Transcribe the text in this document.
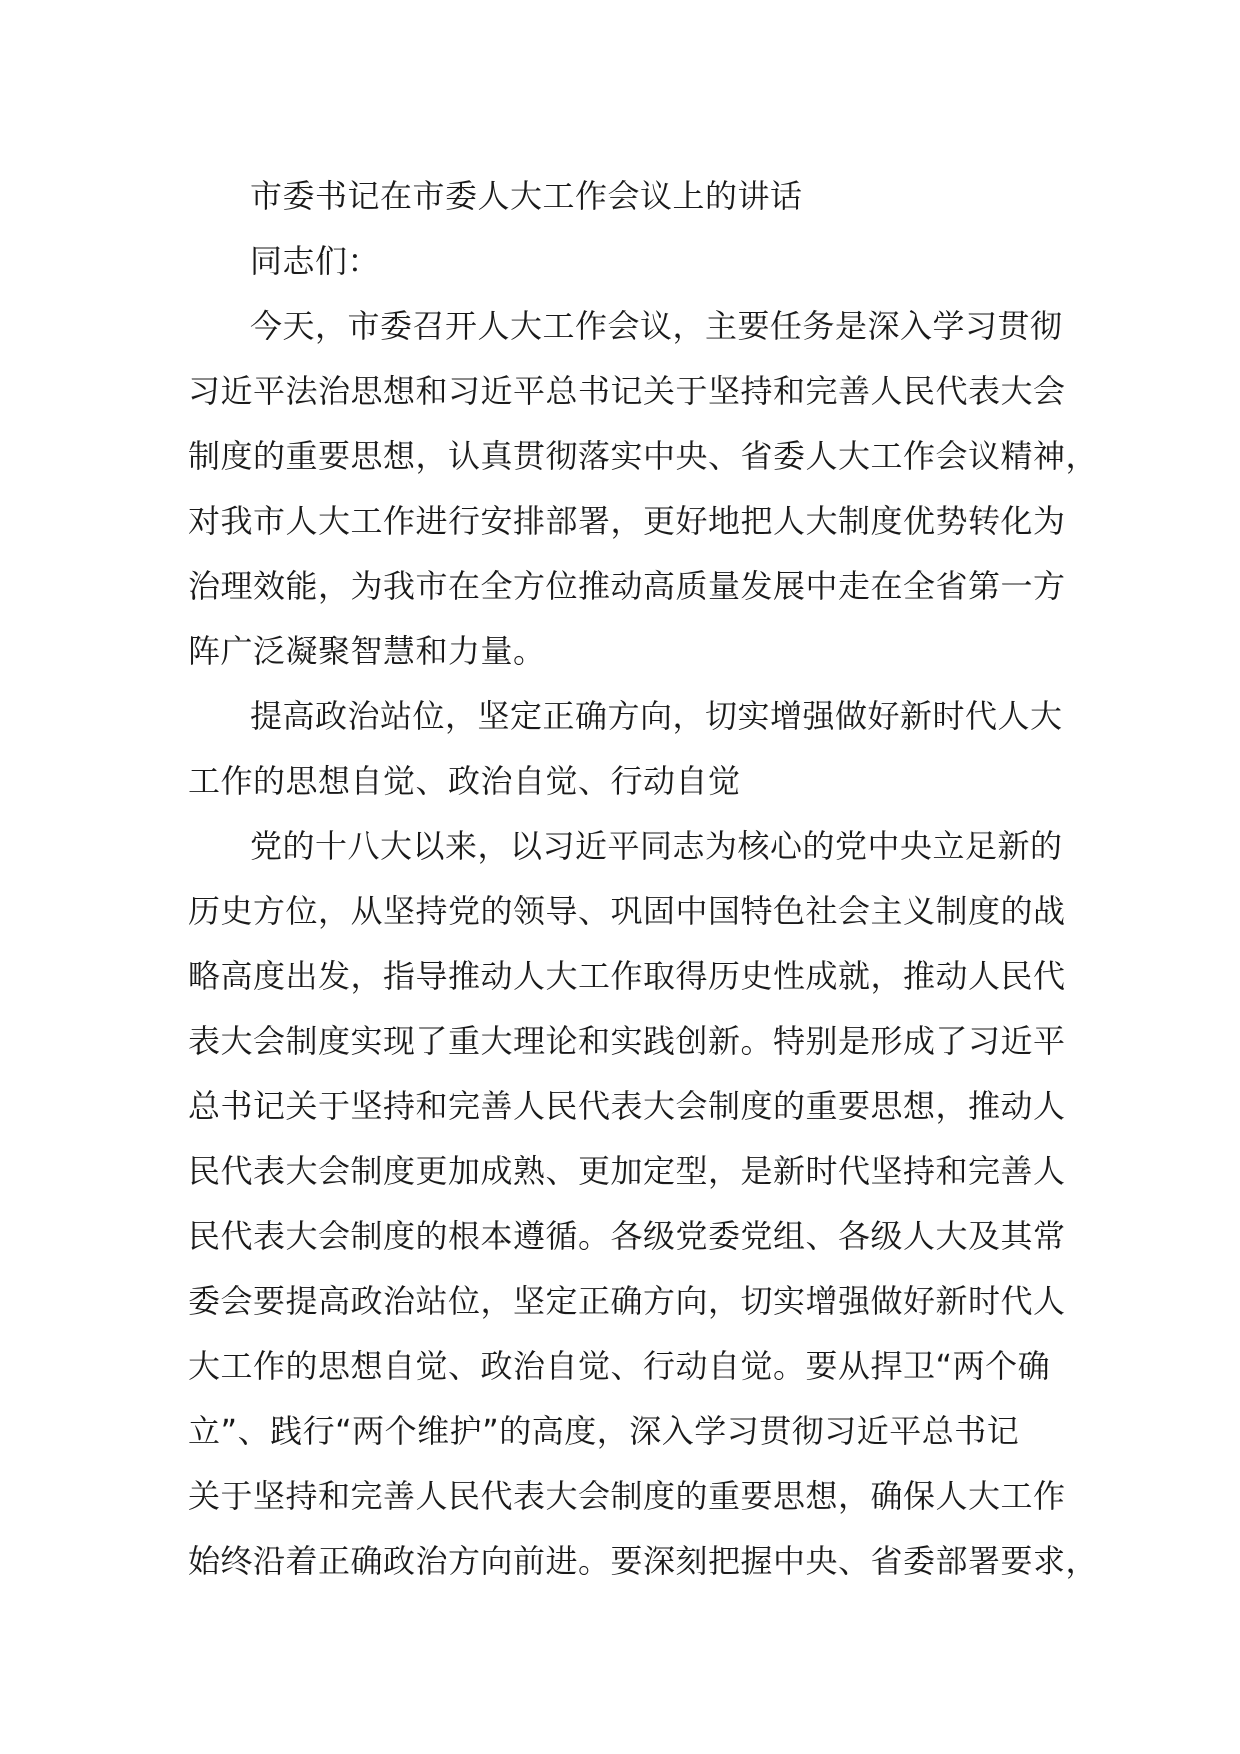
市委书记在市委人大工作会议上的讲话
同志们：
今天，市委召开人大工作会议，主要任务是深入学习贯彻
习近平法治思想和习近平总书记关于坚持和完善人民代表大会
制度的重要思想，认真贯彻落实中央、省委人大工作会议精神，
对我市人大工作进行安排部署，更好地把人大制度优势转化为
治理效能，为我市在全方位推动高质量发展中走在全省第一方
阵广泛凝聚智慧和力量。
提高政治站位，坚定正确方向，切实增强做好新时代人大
工作的思想自觉、政治自觉、行动自觉
党的十八大以来，以习近平同志为核心的党中央立足新的
历史方位，从坚持党的领导、巩固中国特色社会主义制度的战
略高度出发，指导推动人大工作取得历史性成就，推动人民代
表大会制度实现了重大理论和实践创新。特别是形成了习近平
总书记关于坚持和完善人民代表大会制度的重要思想，推动人
民代表大会制度更加成熟、更加定型，是新时代坚持和完善人
民代表大会制度的根本遵循。各级党委党组、各级人大及其常
委会要提高政治站位，坚定正确方向，切实增强做好新时代人
大工作的思想自觉、政治自觉、行动自觉。要从捍卫“两个确
立”、践行“两个维护”的高度，深入学习贯彻习近平总书记
关于坚持和完善人民代表大会制度的重要思想，确保人大工作
始终沿着正确政治方向前进。要深刻把握中央、省委部署要求，
